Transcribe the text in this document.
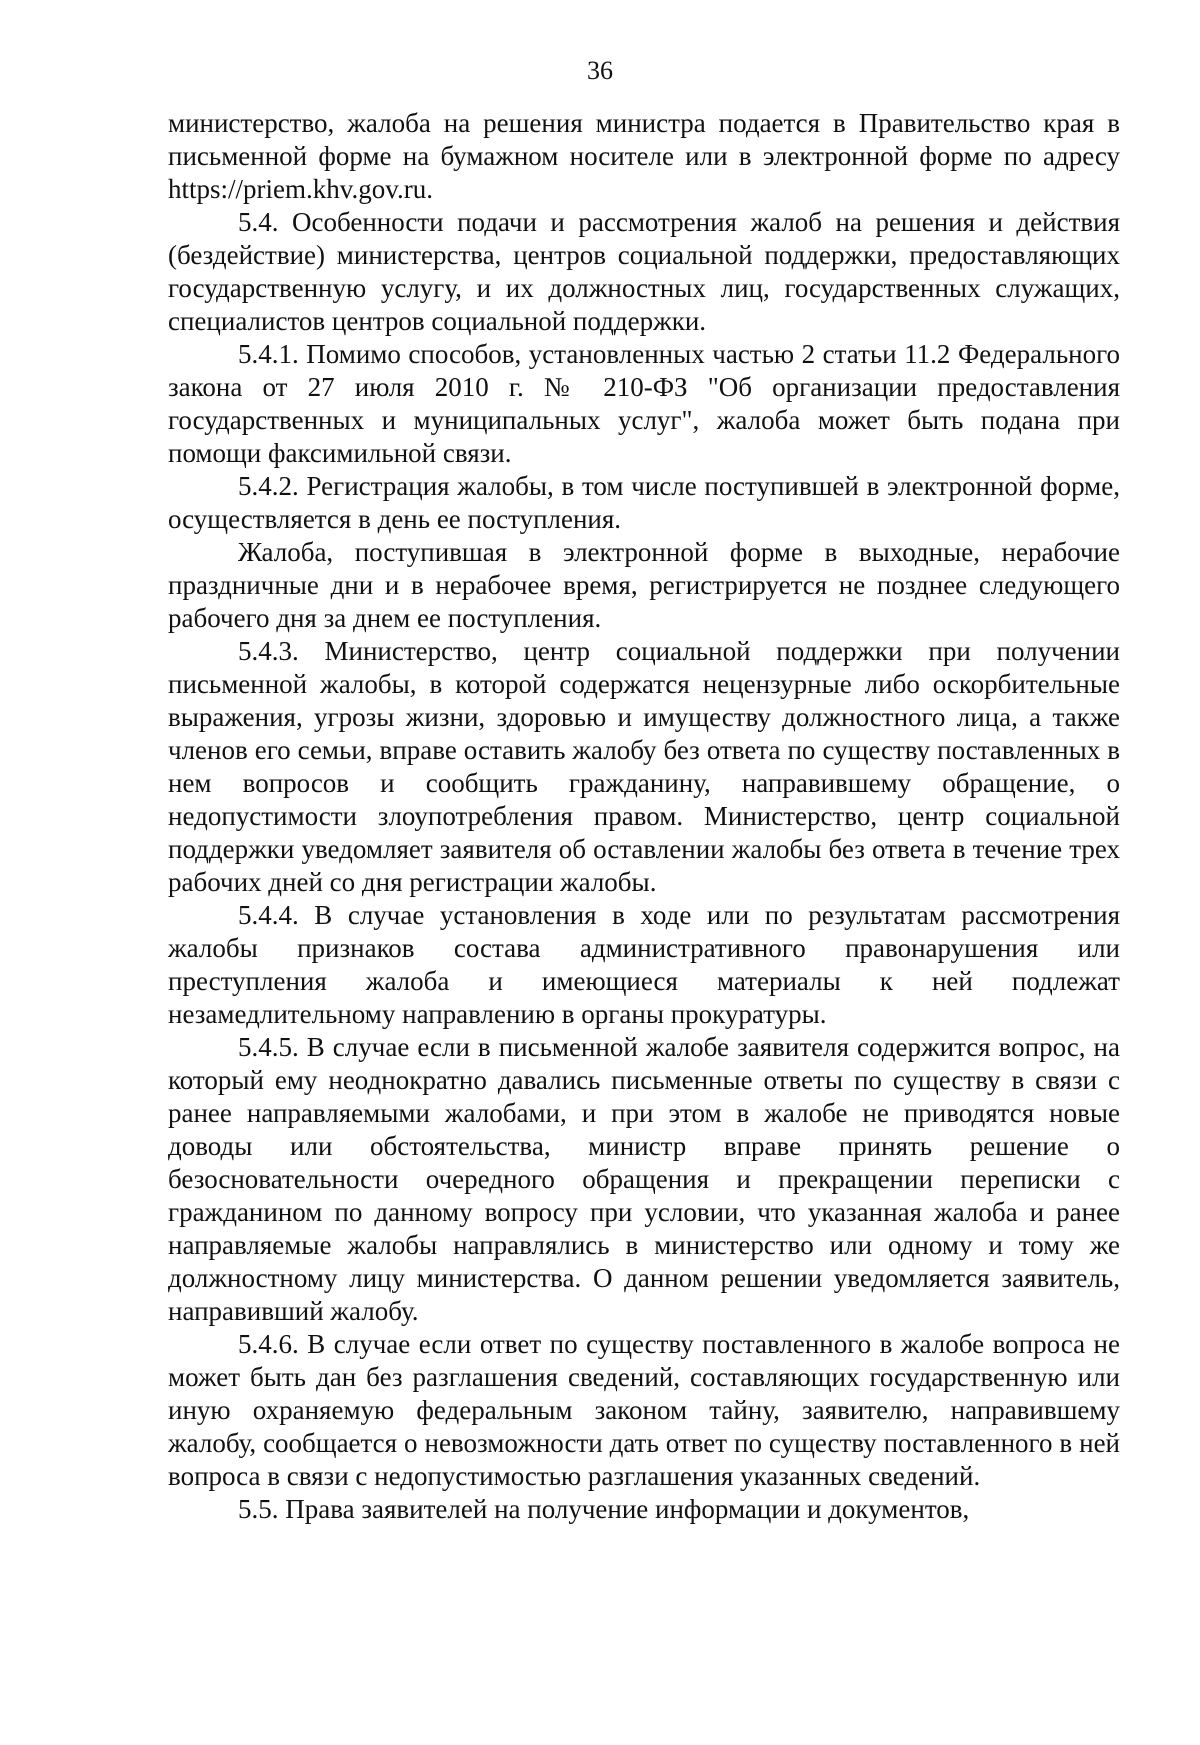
36

министерство, жалоба на решения министра подается в Правительство края в письменной форме на бумажном носителе или в электронной форме по адресу https://priem.khv.gov.ru.

5.4. Особенности подачи и рассмотрения жалоб на решения и действия (бездействие) министерства, центров социальной поддержки, предоставляющих государственную услугу, и их должностных лиц, государственных служащих, специалистов центров социальной поддержки.

5.4.1. Помимо способов, установленных частью 2 статьи 11.2 Федерального закона от 27 июля 2010 г. № 210-ФЗ "Об организации предоставления государственных и муниципальных услуг", жалоба может быть подана при помощи факсимильной связи.

5.4.2. Регистрация жалобы, в том числе поступившей в электронной форме, осуществляется в день ее поступления.

Жалоба, поступившая в электронной форме в выходные, нерабочие праздничные дни и в нерабочее время, регистрируется не позднее следующего рабочего дня за днем ее поступления.

5.4.3. Министерство, центр социальной поддержки при получении письменной жалобы, в которой содержатся нецензурные либо оскорбительные выражения, угрозы жизни, здоровью и имуществу должностного лица, а также членов его семьи, вправе оставить жалобу без ответа по существу поставленных в нем вопросов и сообщить гражданину, направившему обращение, о недопустимости злоупотребления правом. Министерство, центр социальной поддержки уведомляет заявителя об оставлении жалобы без ответа в течение трех рабочих дней со дня регистрации жалобы.

5.4.4. В случае установления в ходе или по результатам рассмотрения жалобы признаков состава административного правонарушения или преступления жалоба и имеющиеся материалы к ней подлежат незамедлительному направлению в органы прокуратуры.

5.4.5. В случае если в письменной жалобе заявителя содержится вопрос, на который ему неоднократно давались письменные ответы по существу в связи с ранее направляемыми жалобами, и при этом в жалобе не приводятся новые доводы или обстоятельства, министр вправе принять решение о безосновательности очередного обращения и прекращении переписки с гражданином по данному вопросу при условии, что указанная жалоба и ранее направляемые жалобы направлялись в министерство или одному и тому же должностному лицу министерства. О данном решении уведомляется заявитель, направивший жалобу.

5.4.6. В случае если ответ по существу поставленного в жалобе вопроса не может быть дан без разглашения сведений, составляющих государственную или иную охраняемую федеральным законом тайну, заявителю, направившему жалобу, сообщается о невозможности дать ответ по существу поставленного в ней вопроса в связи с недопустимостью разглашения указанных сведений.

5.5. Права заявителей на получение информации и документов,
